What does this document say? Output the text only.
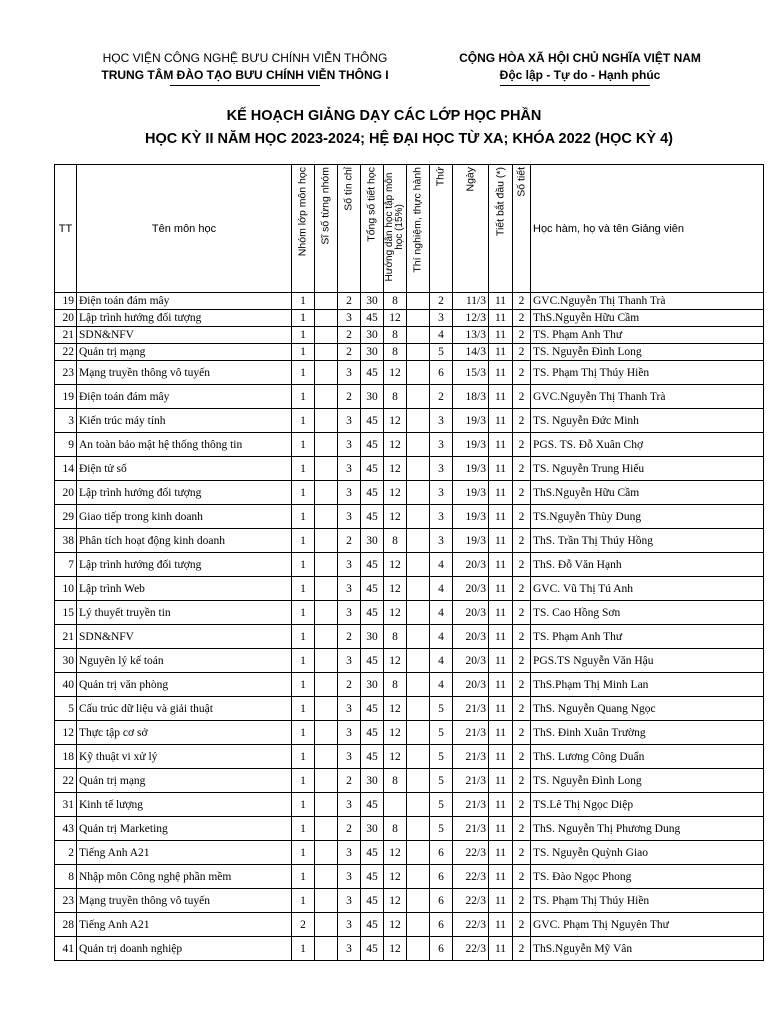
HỌC VIỆN CÔNG NGHỆ BƯU CHÍNH VIỄN THÔNG
TRUNG TÂM ĐÀO TẠO BƯU CHÍNH VIỄN THÔNG I
CỘNG HÒA XÃ HỘI CHỦ NGHĨA VIỆT NAM
Độc lập - Tự do - Hạnh phúc
KẾ HOẠCH GIẢNG DẠY CÁC LỚP HỌC PHẦN
HỌC KỲ II NĂM HỌC 2023-2024; HỆ ĐẠI HỌC TỪ XA; KHÓA 2022 (HỌC KỲ 4)
TT	Tên môn học	Nhóm lớp môn học	Sĩ số từng nhóm	Số tín chỉ	Tổng số tiết học	Hướng dẫn học tập môn học (15%)	Thí nghiệm, thực hành	Thứ	Ngày	Tiết bắt đầu (*)	Số tiết	Học hàm, họ và tên Giảng viên
19	Điện toán đám mây	1		2	30	8		2	11/3	11	2	GVC.Nguyễn Thị Thanh Trà
20	Lập trình hướng đối tượng	1		3	45	12		3	12/3	11	2	ThS.Nguyễn Hữu Cầm
21	SDN&NFV	1		2	30	8		4	13/3	11	2	TS. Phạm Anh Thư
22	Quản trị mạng	1		2	30	8		5	14/3	11	2	TS. Nguyễn Đình Long
23	Mạng truyền thông vô tuyến	1		3	45	12		6	15/3	11	2	TS. Phạm Thị Thúy Hiền
19	Điện toán đám mây	1		2	30	8		2	18/3	11	2	GVC.Nguyễn Thị Thanh Trà
3	Kiến trúc máy tính	1		3	45	12		3	19/3	11	2	TS. Nguyễn Đức Minh
9	An toàn bảo mật hệ thống thông tin	1		3	45	12		3	19/3	11	2	PGS. TS. Đỗ Xuân Chợ
14	Điện tử số	1		3	45	12		3	19/3	11	2	TS. Nguyễn Trung Hiếu
20	Lập trình hướng đối tượng	1		3	45	12		3	19/3	11	2	ThS.Nguyễn Hữu Cầm
29	Giao tiếp trong kinh doanh	1		3	45	12		3	19/3	11	2	TS.Nguyễn Thùy Dung
38	Phân tích hoạt động kinh doanh	1		2	30	8		3	19/3	11	2	ThS. Trần Thị Thúy Hồng
7	Lập trình hướng đối tượng	1		3	45	12		4	20/3	11	2	ThS. Đỗ Văn Hạnh
10	Lập trình Web	1		3	45	12		4	20/3	11	2	GVC. Vũ Thị Tú Anh
15	Lý thuyết truyền tin	1		3	45	12		4	20/3	11	2	TS. Cao Hồng Sơn
21	SDN&NFV	1		2	30	8		4	20/3	11	2	TS. Phạm Anh Thư
30	Nguyên lý kế toán	1		3	45	12		4	20/3	11	2	PGS.TS Nguyễn Văn Hậu
40	Quản trị văn phòng	1		2	30	8		4	20/3	11	2	ThS.Phạm Thị Minh Lan
5	Cấu trúc dữ liệu và giải thuật	1		3	45	12		5	21/3	11	2	ThS. Nguyễn Quang Ngọc
12	Thực tập cơ sở	1		3	45	12		5	21/3	11	2	ThS. Đinh Xuân Trường
18	Kỹ thuật vi xử lý	1		3	45	12		5	21/3	11	2	ThS. Lương Công Duẩn
22	Quản trị mạng	1		2	30	8		5	21/3	11	2	TS. Nguyễn Đình Long
31	Kinh tế lượng	1		3	45			5	21/3	11	2	TS.Lê Thị Ngọc Diệp
43	Quản trị Marketing	1		2	30	8		5	21/3	11	2	ThS. Nguyễn Thị Phương Dung
2	Tiếng Anh A21	1		3	45	12		6	22/3	11	2	TS. Nguyễn Quỳnh Giao
8	Nhập môn Công nghệ phần mềm	1		3	45	12		6	22/3	11	2	TS. Đào Ngọc Phong
23	Mạng truyền thông vô tuyến	1		3	45	12		6	22/3	11	2	TS. Phạm Thị Thúy Hiền
28	Tiếng Anh A21	2		3	45	12		6	22/3	11	2	GVC. Phạm Thị Nguyên Thư
41	Quản trị doanh nghiệp	1		3	45	12		6	22/3	11	2	ThS.Nguyễn Mỹ Vân
